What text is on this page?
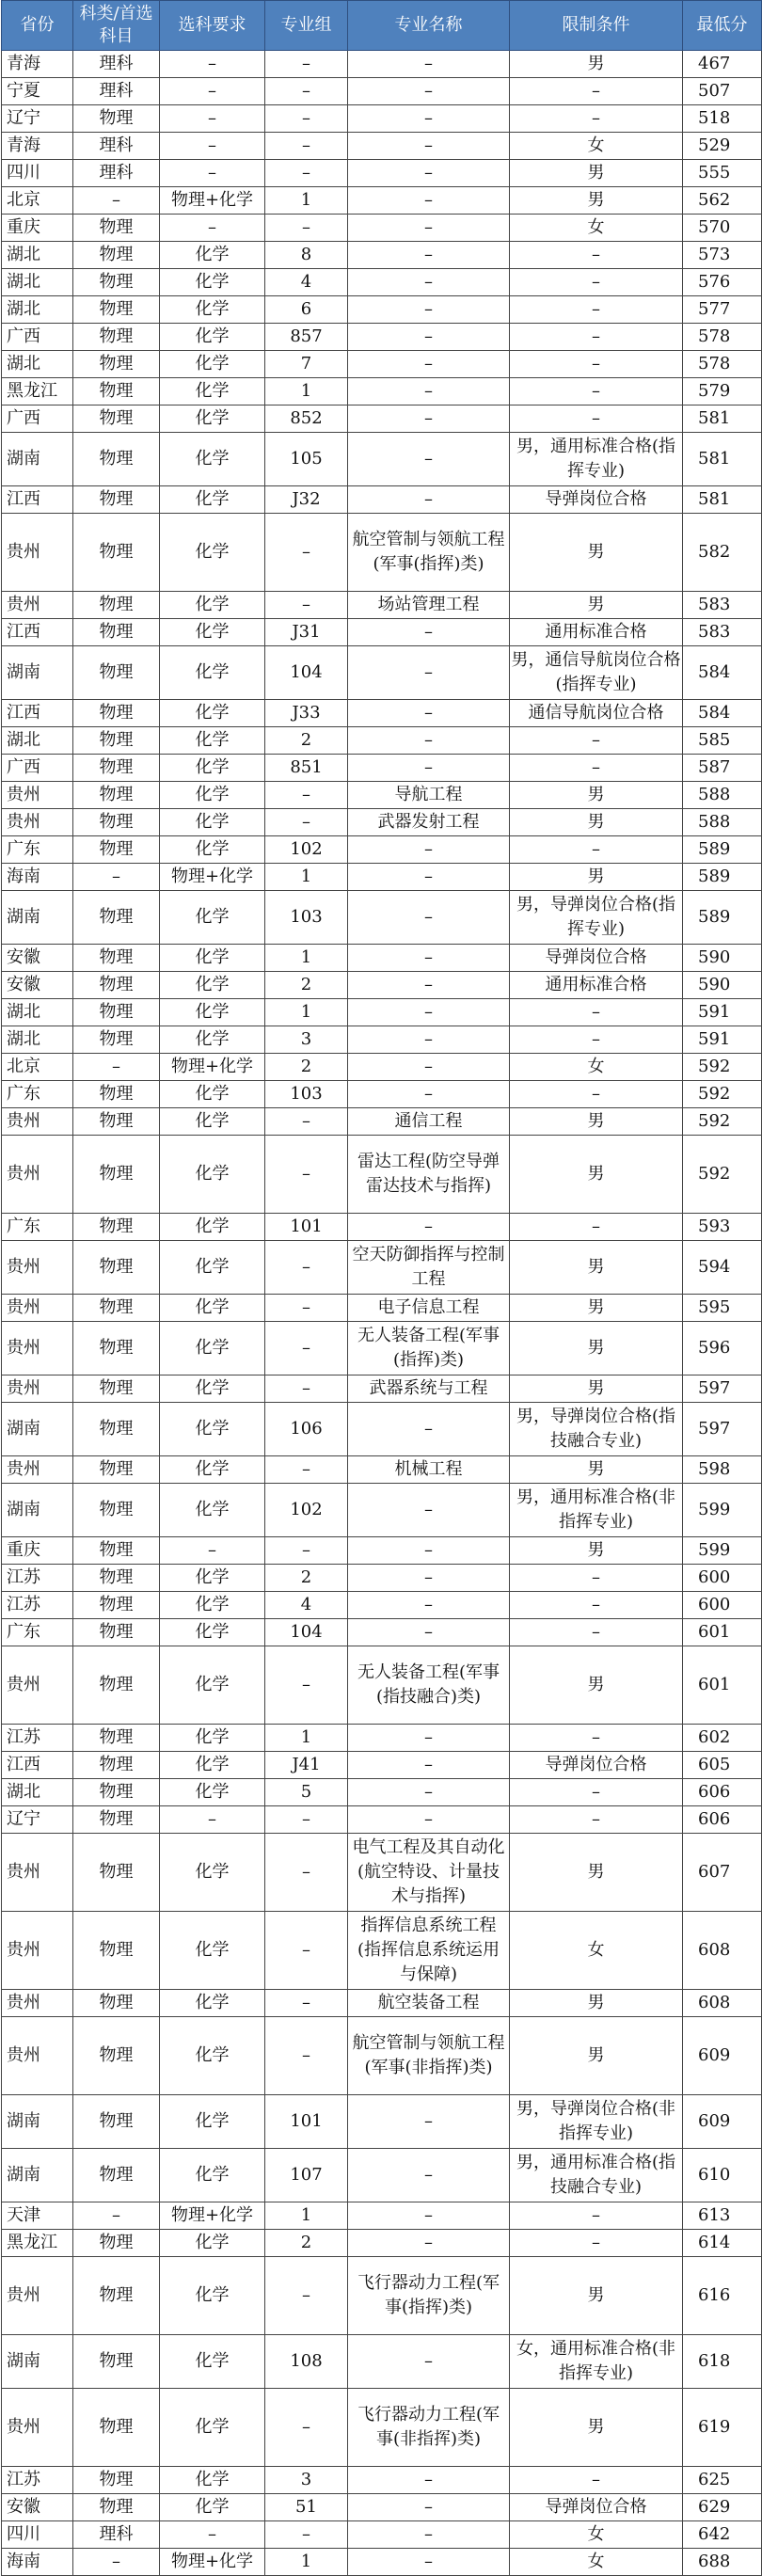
省份	科类/首选科目	选科要求	专业组	专业名称	限制条件	最低分
青海	理科	–	–	–	男	467
宁夏	理科	–	–	–	–	507
辽宁	物理	–	–	–	–	518
青海	理科	–	–	–	女	529
四川	理科	–	–	–	男	555
北京	–	物理+化学	1	–	男	562
重庆	物理	–	–	–	女	570
湖北	物理	化学	8	–	–	573
湖北	物理	化学	4	–	–	576
湖北	物理	化学	6	–	–	577
广西	物理	化学	857	–	–	578
湖北	物理	化学	7	–	–	578
黑龙江	物理	化学	1	–	–	579
广西	物理	化学	852	–	–	581
湖南	物理	化学	105	–	男，通用标准合格(指挥专业)	581
江西	物理	化学	J32	–	导弹岗位合格	581
贵州	物理	化学	–	航空管制与领航工程(军事(指挥)类)	男	582
贵州	物理	化学	–	场站管理工程	男	583
江西	物理	化学	J31	–	通用标准合格	583
湖南	物理	化学	104	–	男，通信导航岗位合格(指挥专业)	584
江西	物理	化学	J33	–	通信导航岗位合格	584
湖北	物理	化学	2	–	–	585
广西	物理	化学	851	–	–	587
贵州	物理	化学	–	导航工程	男	588
贵州	物理	化学	–	武器发射工程	男	588
广东	物理	化学	102	–	–	589
海南	–	物理+化学	1	–	男	589
湖南	物理	化学	103	–	男，导弹岗位合格(指挥专业)	589
安徽	物理	化学	1	–	导弹岗位合格	590
安徽	物理	化学	2	–	通用标准合格	590
湖北	物理	化学	1	–	–	591
湖北	物理	化学	3	–	–	591
北京	–	物理+化学	2	–	女	592
广东	物理	化学	103	–	–	592
贵州	物理	化学	–	通信工程	男	592
贵州	物理	化学	–	雷达工程(防空导弹雷达技术与指挥)	男	592
广东	物理	化学	101	–	–	593
贵州	物理	化学	–	空天防御指挥与控制工程	男	594
贵州	物理	化学	–	电子信息工程	男	595
贵州	物理	化学	–	无人装备工程(军事(指挥)类)	男	596
贵州	物理	化学	–	武器系统与工程	男	597
湖南	物理	化学	106	–	男，导弹岗位合格(指技融合专业)	597
贵州	物理	化学	–	机械工程	男	598
湖南	物理	化学	102	–	男，通用标准合格(非指挥专业)	599
重庆	物理	–	–	–	男	599
江苏	物理	化学	2	–	–	600
江苏	物理	化学	4	–	–	600
广东	物理	化学	104	–	–	601
贵州	物理	化学	–	无人装备工程(军事(指技融合)类)	男	601
江苏	物理	化学	1	–	–	602
江西	物理	化学	J41	–	导弹岗位合格	605
湖北	物理	化学	5	–	–	606
辽宁	物理	–	–	–	–	606
贵州	物理	化学	–	电气工程及其自动化(航空特设、计量技术与指挥)	男	607
贵州	物理	化学	–	指挥信息系统工程(指挥信息系统运用与保障)	女	608
贵州	物理	化学	–	航空装备工程	男	608
贵州	物理	化学	–	航空管制与领航工程(军事(非指挥)类)	男	609
湖南	物理	化学	101	–	男，导弹岗位合格(非指挥专业)	609
湖南	物理	化学	107	–	男，通用标准合格(指技融合专业)	610
天津	–	物理+化学	1	–	–	613
黑龙江	物理	化学	2	–	–	614
贵州	物理	化学	–	飞行器动力工程(军事(指挥)类)	男	616
湖南	物理	化学	108	–	女，通用标准合格(非指挥专业)	618
贵州	物理	化学	–	飞行器动力工程(军事(非指挥)类)	男	619
江苏	物理	化学	3	–	–	625
安徽	物理	化学	51	–	导弹岗位合格	629
四川	理科	–	–	–	女	642
海南	–	物理+化学	1	–	女	688
